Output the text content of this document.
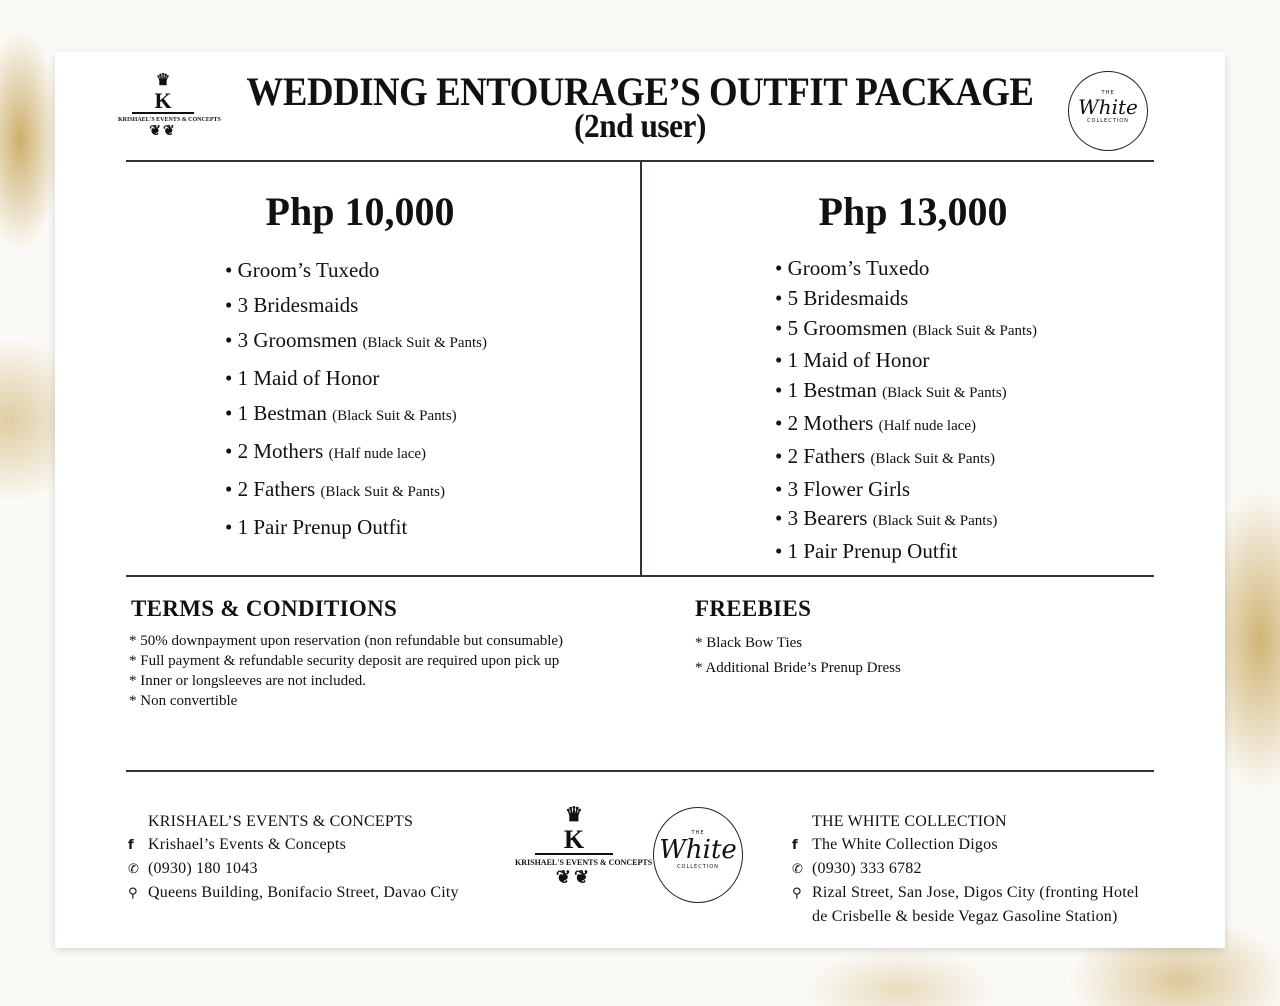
♛
K
KRISHAEL'S EVENTS & CONCEPTS
❦❦
WEDDING ENTOURAGE’S OUTFIT PACKAGE
(2nd user)
THE
White
COLLECTION
Php 10,000
• Groom’s Tuxedo
• 3 Bridesmaids
• 3 Groomsmen (Black Suit & Pants)
• 1 Maid of Honor
• 1 Bestman (Black Suit & Pants)
• 2 Mothers (Half nude lace)
• 2 Fathers (Black Suit & Pants)
• 1 Pair Prenup Outfit
Php 13,000
• Groom’s Tuxedo
• 5 Bridesmaids
• 5 Groomsmen (Black Suit & Pants)
• 1 Maid of Honor
• 1 Bestman (Black Suit & Pants)
• 2 Mothers (Half nude lace)
• 2 Fathers (Black Suit & Pants)
• 3 Flower Girls
• 3 Bearers (Black Suit & Pants)
• 1 Pair Prenup Outfit
TERMS & CONDITIONS
* 50% downpayment upon reservation (non refundable but consumable)
* Full payment & refundable security deposit are required upon pick up
* Inner or longsleeves are not included.
* Non convertible
FREEBIES
* Black Bow Ties
* Additional Bride’s Prenup Dress
KRISHAEL’S EVENTS & CONCEPTS
f Krishael’s Events & Concepts
✆ (0930) 180 1043
⚲ Queens Building, Bonifacio Street, Davao City
♛
K
KRISHAEL'S EVENTS & CONCEPTS
❦❦
THE
White
COLLECTION
THE WHITE COLLECTION
f The White Collection Digos
✆ (0930) 333 6782
⚲ Rizal Street, San Jose, Digos City (fronting Hotel
de Crisbelle & beside Vegaz Gasoline Station)
